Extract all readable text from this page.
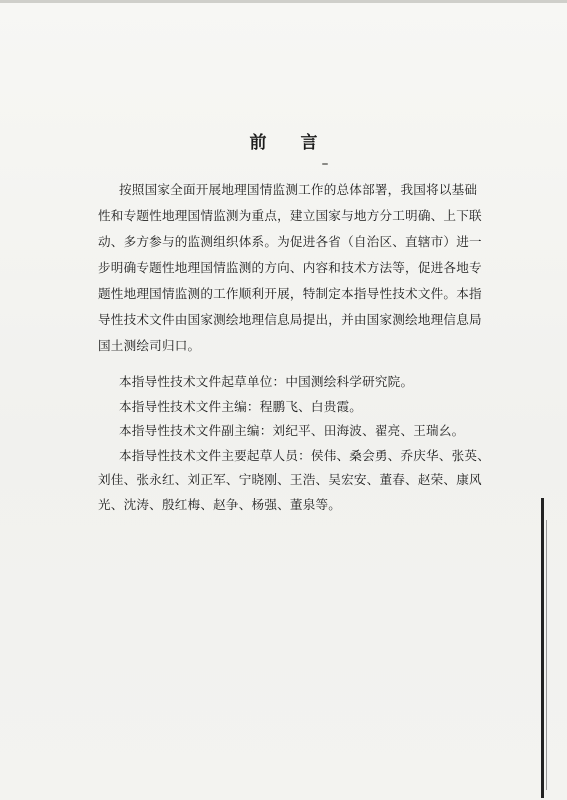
前 言
按照国家全面开展地理国情监测工作的总体部署，我国将以基础
性和专题性地理国情监测为重点，建立国家与地方分工明确、上下联
动、多方参与的监测组织体系。为促进各省（自治区、直辖市）进一
步明确专题性地理国情监测的方向、内容和技术方法等，促进各地专
题性地理国情监测的工作顺利开展，特制定本指导性技术文件。本指
导性技术文件由国家测绘地理信息局提出，并由国家测绘地理信息局
国土测绘司归口。
本指导性技术文件起草单位：中国测绘科学研究院。
本指导性技术文件主编：程鹏飞、白贵霞。
本指导性技术文件副主编：刘纪平、田海波、翟亮、王瑞幺。
本指导性技术文件主要起草人员：侯伟、桑会勇、乔庆华、张英、
刘佳、张永红、刘正军、宁晓刚、王浩、吴宏安、董春、赵荣、康风
光、沈涛、殷红梅、赵争、杨强、董泉等。
